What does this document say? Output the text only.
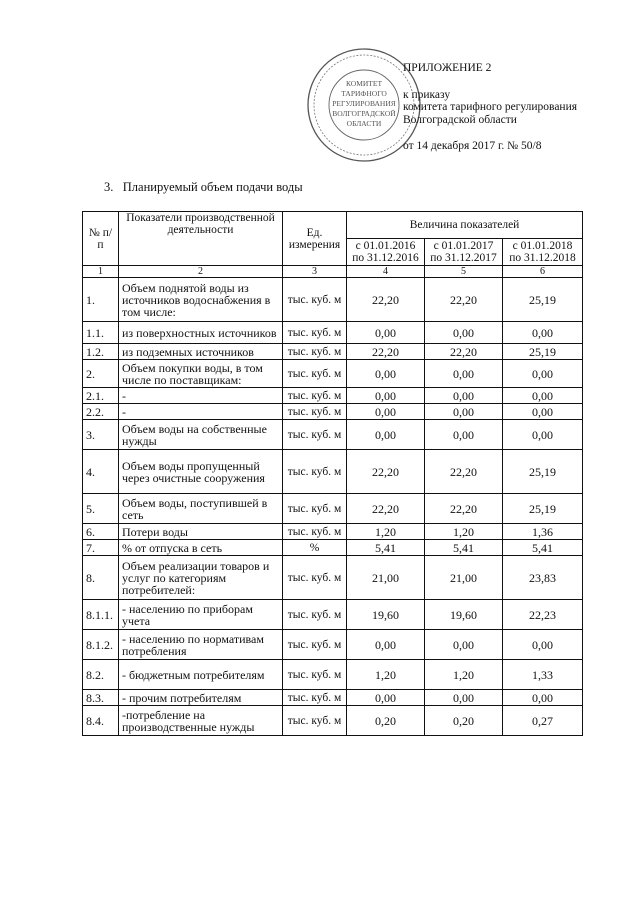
КОМИТЕТ
ТАРИФНОГО
РЕГУЛИРОВАНИЯ
ВОЛГОГРАДСКОЙ
ОБЛАСТИ
ПРИЛОЖЕНИЕ 2
к приказу
комитета тарифного регулирования
Волгоградской области
от 14 декабря 2017 г. № 50/8
3. Планируемый объем подачи воды
№ п/п	Показатели производственной деятельности	Ед. измерения	Величина показателей		
			с 01.01.2016 по 31.12.2016	с 01.01.2017 по 31.12.2017	с 01.01.2018 по 31.12.2018
1	2	3	4	5	6
1.	Объем поднятой воды из источников водоснабжения в том числе:	тыс. куб. м	22,20	22,20	25,19
1.1.	из поверхностных источников	тыс. куб. м	0,00	0,00	0,00
1.2.	из подземных источников	тыс. куб. м	22,20	22,20	25,19
2.	Объем покупки воды, в том числе по поставщикам:	тыс. куб. м	0,00	0,00	0,00
2.1.	-	тыс. куб. м	0,00	0,00	0,00
2.2.	-	тыс. куб. м	0,00	0,00	0,00
3.	Объем воды на собственные нужды	тыс. куб. м	0,00	0,00	0,00
4.	Объем воды пропущенный через очистные сооружения	тыс. куб. м	22,20	22,20	25,19
5.	Объем воды, поступившей в сеть	тыс. куб. м	22,20	22,20	25,19
6.	Потери воды	тыс. куб. м	1,20	1,20	1,36
7.	% от отпуска в сеть	%	5,41	5,41	5,41
8.	Объем реализации товаров и услуг по категориям потребителей:	тыс. куб. м	21,00	21,00	23,83
8.1.1.	- населению по приборам учета	тыс. куб. м	19,60	19,60	22,23
8.1.2.	- населению по нормативам потребления	тыс. куб. м	0,00	0,00	0,00
8.2.	- бюджетным потребителям	тыс. куб. м	1,20	1,20	1,33
8.3.	- прочим потребителям	тыс. куб. м	0,00	0,00	0,00
8.4.	-потребление на производственные нужды	тыс. куб. м	0,20	0,20	0,27
